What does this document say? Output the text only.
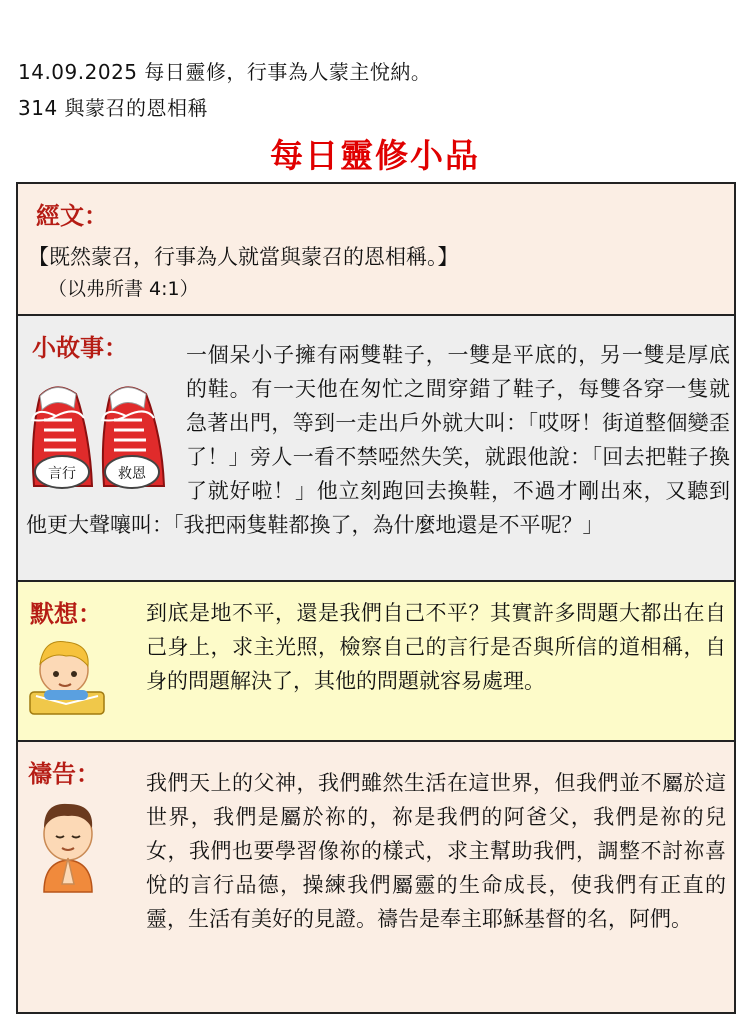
14.09.2025 每日靈修，行事為人蒙主悅納。
314 與蒙召的恩相稱
每日靈修小品
經文：
【既然蒙召，行事為人就當與蒙召的恩相稱。】
（以弗所書 4:1）
小故事：
言行	救恩
一個呆小子擁有兩雙鞋子，一雙是平底的，另一雙是厚底的鞋。有一天他在匆忙之間穿錯了鞋子，每雙各穿一隻就急著出門，等到一走出戶外就大叫：「哎呀！街道整個變歪了！」旁人一看不禁啞然失笑，就跟他說：「回去把鞋子換了就好啦！」他立刻跑回去換鞋，不過才剛出來，又聽到他更大聲嚷叫：「我把兩隻鞋都換了，為什麼地還是不平呢？」
默想： 到底是地不平，還是我們自己不平？其實許多問題大都出在自己身上，求主光照，檢察自己的言行是否與所信的道相稱，自身的問題解決了，其他的問題就容易處理。
禱告： 我們天上的父神，我們雖然生活在這世界，但我們並不屬於這世界，我們是屬於祢的，祢是我們的阿爸父，我們是祢的兒女，我們也要學習像祢的樣式，求主幫助我們，調整不討祢喜悅的言行品德，操練我們屬靈的生命成長，使我們有正直的靈，生活有美好的見證。禱告是奉主耶穌基督的名，阿們。
